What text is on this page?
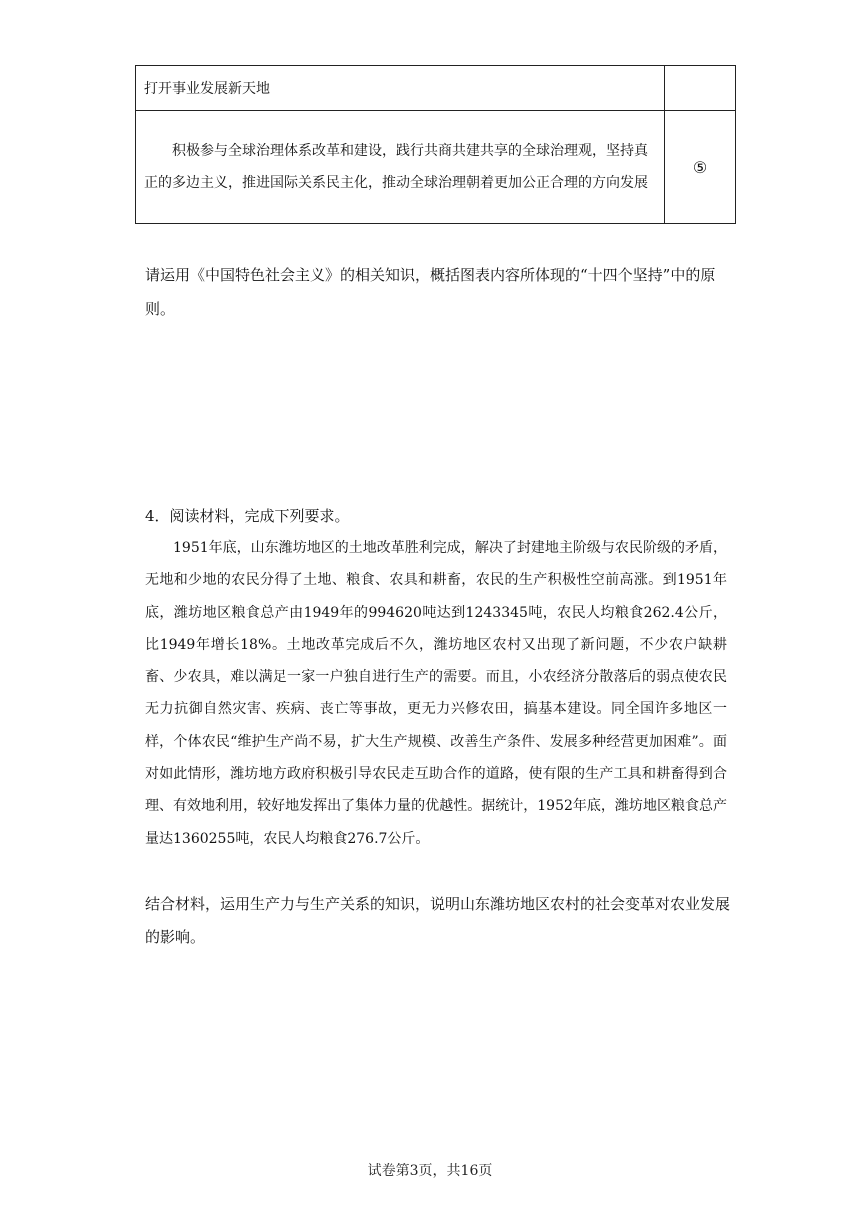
打开事业发展新天地	
积极参与全球治理体系改革和建设，践行共商共建共享的全球治理观，坚持真正的多边主义，推进国际关系民主化，推动全球治理朝着更加公正合理的方向发展	⑤
请运用《中国特色社会主义》的相关知识，概括图表内容所体现的“十四个坚持”中的原则。
4．阅读材料，完成下列要求。
1951年底，山东潍坊地区的土地改革胜利完成，解决了封建地主阶级与农民阶级的矛盾，无地和少地的农民分得了土地、粮食、农具和耕畜，农民的生产积极性空前高涨。到1951年底，潍坊地区粮食总产由1949年的994620吨达到1243345吨，农民人均粮食262.4公斤，比1949年增长18%。土地改革完成后不久，潍坊地区农村又出现了新问题，不少农户缺耕畜、少农具，难以满足一家一户独自进行生产的需要。而且，小农经济分散落后的弱点使农民无力抗御自然灾害、疾病、丧亡等事故，更无力兴修农田，搞基本建设。同全国许多地区一样，个体农民“维护生产尚不易，扩大生产规模、改善生产条件、发展多种经营更加困难”。面对如此情形，潍坊地方政府积极引导农民走互助合作的道路，使有限的生产工具和耕畜得到合理、有效地利用，较好地发挥出了集体力量的优越性。据统计，1952年底，潍坊地区粮食总产量达1360255吨，农民人均粮食276.7公斤。
结合材料，运用生产力与生产关系的知识，说明山东潍坊地区农村的社会变革对农业发展的影响。
试卷第3页，共16页
